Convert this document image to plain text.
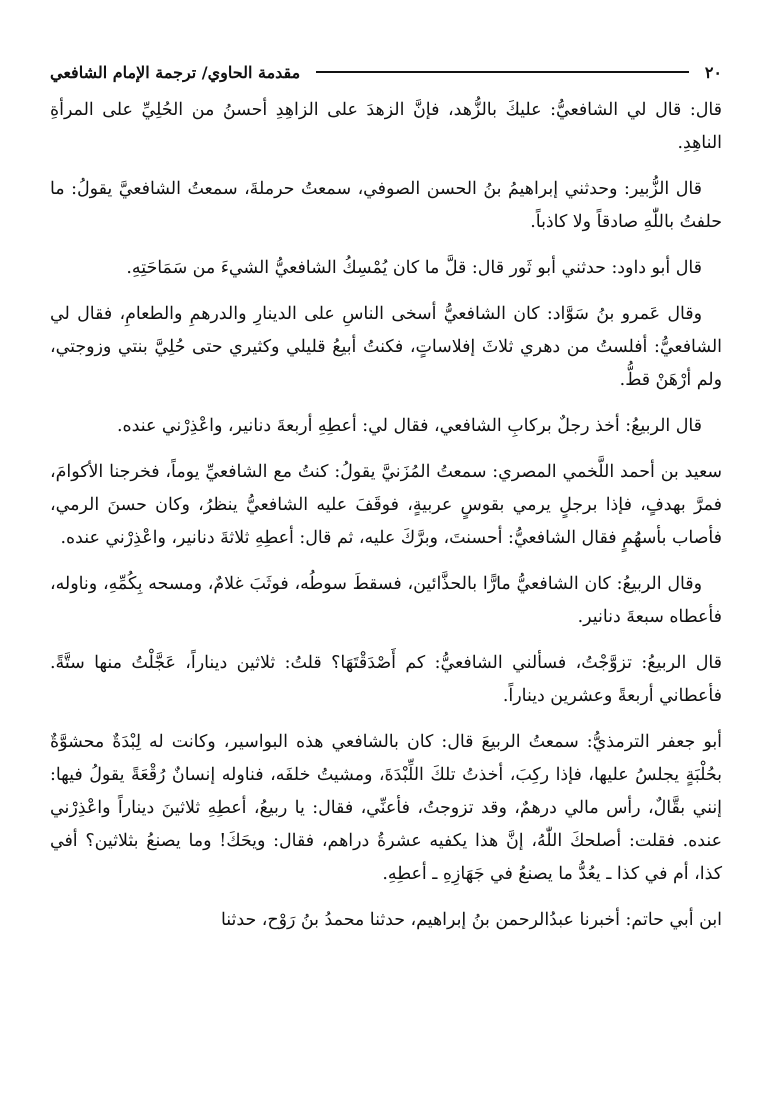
٢٠
مقدمة الحاوي/ ترجمة الإمام الشافعي

قال: قال لي الشافعيُّ: عليكَ بالزُّهد، فإنَّ الزهدَ على الزاهِدِ أحسنُ من الحُلِيِّ على المرأةِ الناهِدِ.

قال الزُّبير: وحدثني إبراهيمُ بنُ الحسن الصوفي، سمعتُ حرملةَ، سمعتُ الشافعيَّ يقولُ: ما حلفتُ باللّٰهِ صادقاً ولا كاذباً.

قال أبو داود: حدثني أبو ثَور قال: قلَّ ما كان يُمْسِكُ الشافعيُّ الشيءَ من سَمَاحَتِهِ.

وقال عَمرو بنُ سَوَّاد: كان الشافعيُّ أسخى الناسِ على الدينارِ والدرهمِ والطعامِ، فقال لي الشافعيُّ: أفلستُ من دهري ثلاثَ إفلاساتٍ، فكنتُ أبيعُ قليلي وكثيري حتى حُلِيَّ بنتي وزوجتي، ولم أرْهَنْ قطُّ.

قال الربيعُ: أخذ رجلٌ بركابِ الشافعي، فقال لي: أعطِهِ أربعةَ دنانير، واعْذِرْني عنده.

سعيد بن أحمد اللَّخمي المصري: سمعتُ المُزَنيَّ يقولُ: كنتُ مع الشافعيِّ يوماً، فخرجنا الأكوامَ، فمرَّ بهدفٍ، فإذا برجلٍ يرمي بقوسٍ عربيةٍ، فوقَفَ عليه الشافعيُّ ينظرُ، وكان حسنَ الرمي، فأصاب بأسهُمٍ فقال الشافعيُّ: أحسنتَ، وبرَّكَ عليه، ثم قال: أعطِهِ ثلاثةَ دنانير، واعْذِرْني عنده.

وقال الربيعُ: كان الشافعيُّ مارًّا بالحذَّائين، فسقطَ سوطُه، فوثَبَ غلامٌ، ومسحه بِكُمِّهِ، وناوله، فأعطاه سبعةَ دنانير.

قال الربيعُ: تزوَّجْتُ، فسألني الشافعيُّ: كم أَصْدَقْتَهَا؟ قلتُ: ثلاثين ديناراً، عَجَّلْتُ منها ستَّةً. فأعطاني أربعةً وعشرين ديناراً.

أبو جعفر الترمذيُّ: سمعتُ الربيعَ قال: كان بالشافعي هذه البواسير، وكانت له لِبْدَةٌ محشوَّةٌ بحُلْبَةٍ يجلسُ عليها، فإذا ركِبَ، أخذتُ تلكَ اللِّبْدَةَ، ومشيتُ خلفَه، فناوله إنسانٌ رُقْعَةً يقولُ فيها: إنني بقَّالٌ، رأس مالي درهمٌ، وقد تزوجتُ، فأعنِّي، فقال: يا ربيعُ، أعطِهِ ثلاثينَ ديناراً واعْذِرْني عنده. فقلت: أصلحكَ اللّٰهُ، إنَّ هذا يكفيه عشرةُ دراهم، فقال: ويحَكَ! وما يصنعُ بثلاثين؟ أفي كذا، أم في كذا ـ يعُدُّ ما يصنعُ في جَهَازِهِ ـ أعطِهِ.

ابن أبي حاتم: أخبرنا عبدُالرحمن بنُ إبراهيم، حدثنا محمدُ بنُ رَوْح، حدثنا
